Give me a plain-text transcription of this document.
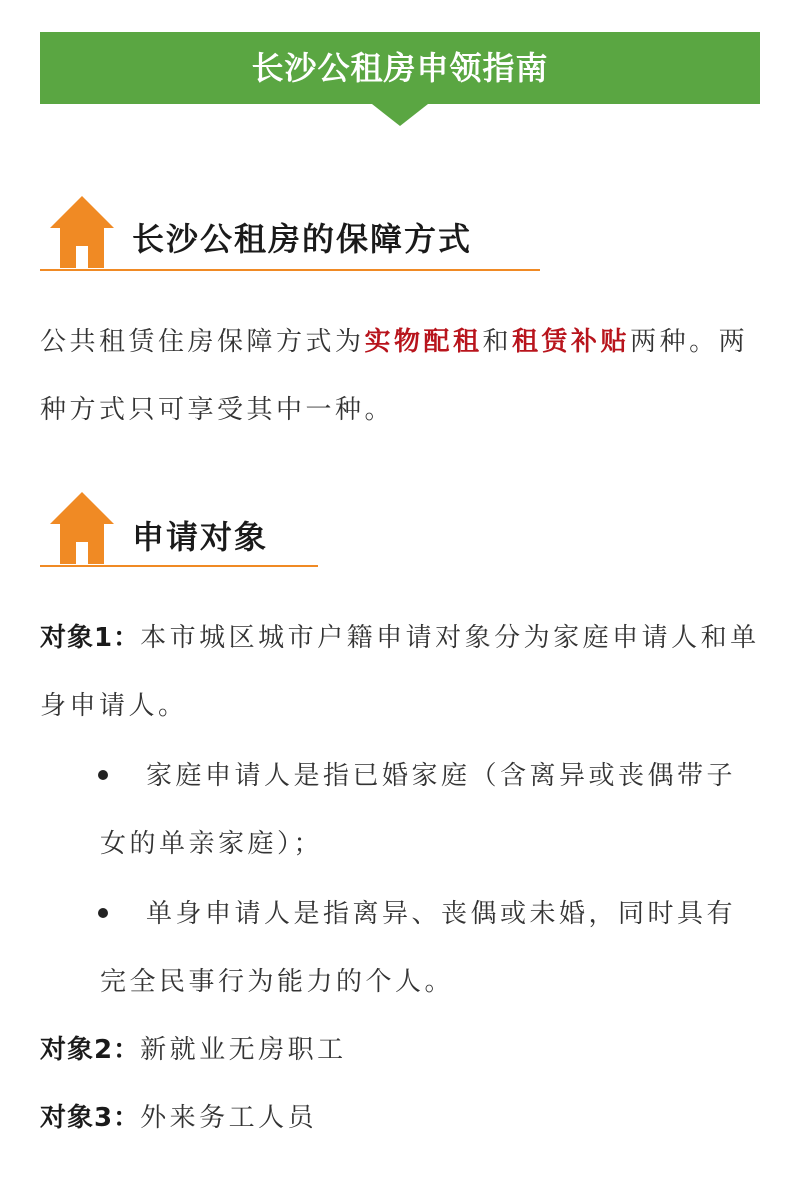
长沙公租房申领指南
长沙公租房的保障方式

公共租赁住房保障方式为实物配租和租赁补贴两种。两种方式只可享受其中一种。

申请对象

对象1：本市城区城市户籍申请对象分为家庭申请人和单身申请人。

家庭申请人是指已婚家庭（含离异或丧偶带子女的单亲家庭）；
单身申请人是指离异、丧偶或未婚，同时具有完全民事行为能力的个人。

对象2：新就业无房职工

对象3：外来务工人员
